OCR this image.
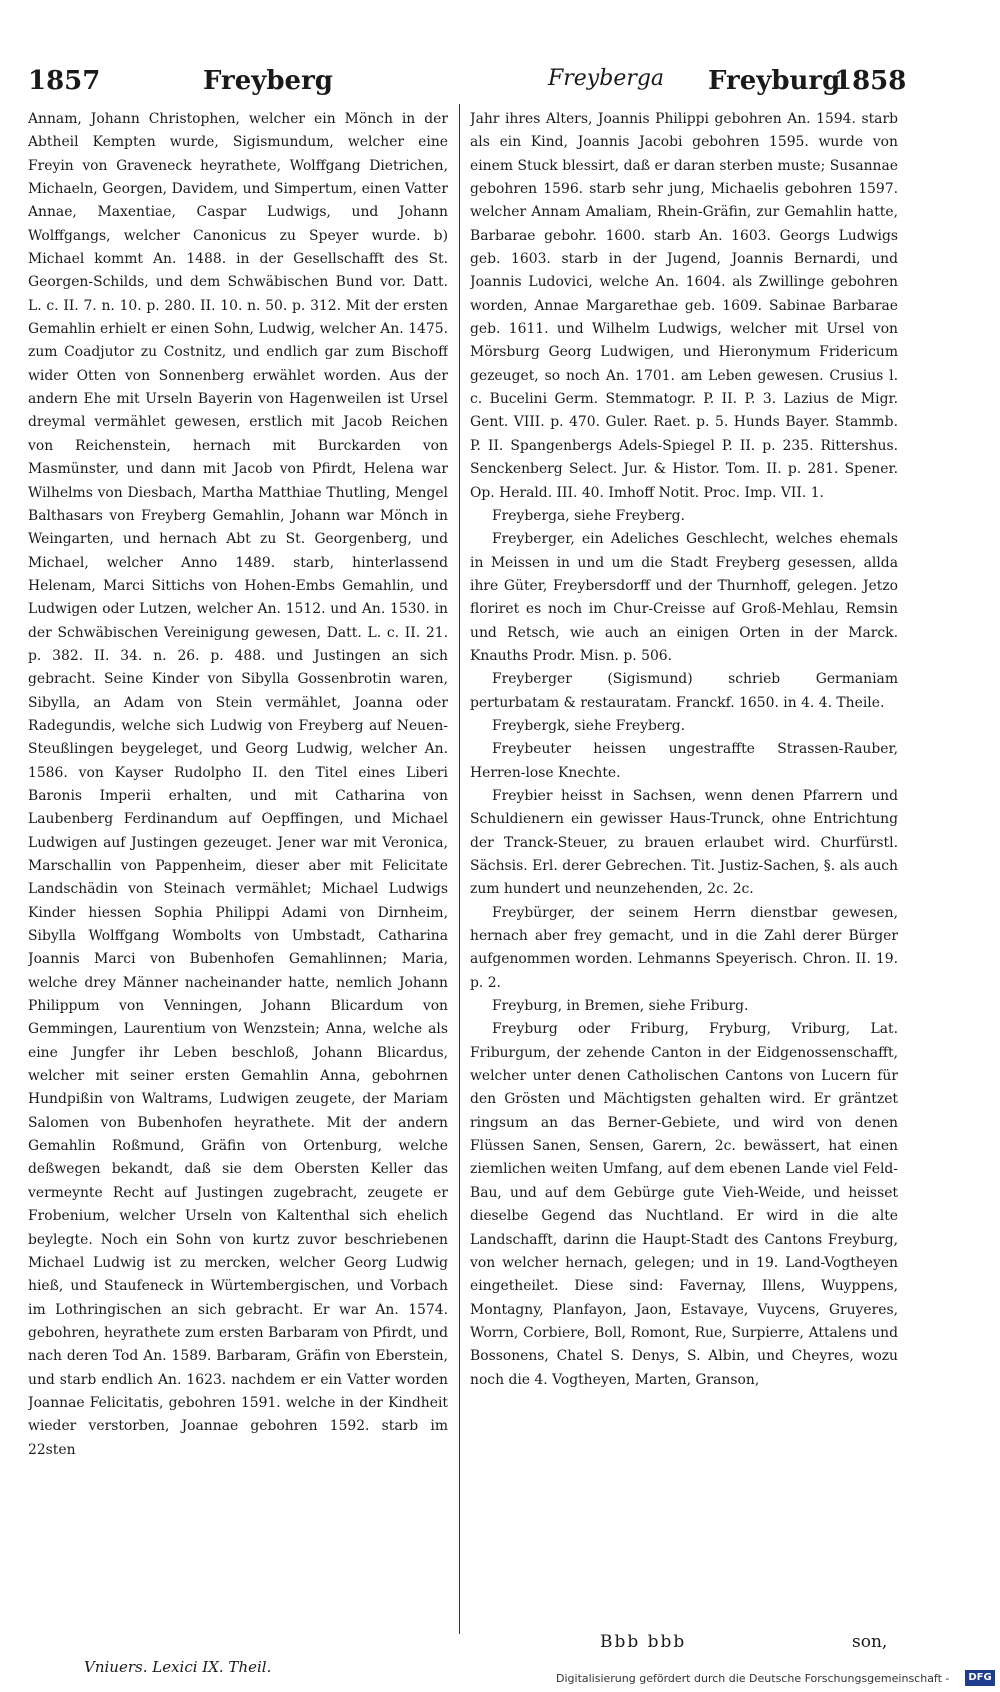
1857	Freyberg	Freyberga Freyburg
1858

Annam, Johann Christophen, welcher ein Mönch in der Abtheil Kempten wurde, Sigismundum, welcher eine Freyin von Graveneck heyrathete, Wolffgang Dietrichen, Michaeln, Georgen, Davidem, und Simpertum, einen Vatter Annae, Maxentiae, Caspar Ludwigs, und Johann Wolffgangs, welcher Canonicus zu Speyer wurde. b) Michael kommt An. 1488. in der Gesellschafft des St. Georgen-Schilds, und dem Schwäbischen Bund vor. Datt. L. c. II. 7. n. 10. p. 280. II. 10. n. 50. p. 312. Mit der ersten Gemahlin erhielt er einen Sohn, Ludwig, welcher An. 1475. zum Coadjutor zu Costnitz, und endlich gar zum Bischoff wider Otten von Sonnenberg erwählet worden. Aus der andern Ehe mit Urseln Bayerin von Hagenweilen ist Ursel dreymal vermählet gewesen, erstlich mit Jacob Reichen von Reichenstein, hernach mit Burckarden von Masmünster, und dann mit Jacob von Pfirdt, Helena war Wilhelms von Diesbach, Martha Matthiae Thutling, Mengel Balthasars von Freyberg Gemahlin, Johann war Mönch in Weingarten, und hernach Abt zu St. Georgenberg, und Michael, welcher Anno 1489. starb, hinterlassend Helenam, Marci Sittichs von Hohen-Embs Gemahlin, und Ludwigen oder Lutzen, welcher An. 1512. und An. 1530. in der Schwäbischen Vereinigung gewesen, Datt. L. c. II. 21. p. 382. II. 34. n. 26. p. 488. und Justingen an sich gebracht. Seine Kinder von Sibylla Gossenbrotin waren, Sibylla, an Adam von Stein vermählet, Joanna oder Radegundis, welche sich Ludwig von Freyberg auf Neuen-Steußlingen beygeleget, und Georg Ludwig, welcher An. 1586. von Kayser Rudolpho II. den Titel eines Liberi Baronis Imperii erhalten, und mit Catharina von Laubenberg Ferdinandum auf Oepffingen, und Michael Ludwigen auf Justingen gezeuget. Jener war mit Veronica, Marschallin von Pappenheim, dieser aber mit Felicitate Landschädin von Steinach vermählet; Michael Ludwigs Kinder hiessen Sophia Philippi Adami von Dirnheim, Sibylla Wolffgang Wombolts von Umbstadt, Catharina Joannis Marci von Bubenhofen Gemahlinnen; Maria, welche drey Männer nacheinander hatte, nemlich Johann Philippum von Venningen, Johann Blicardum von Gemmingen, Laurentium von Wenzstein; Anna, welche als eine Jungfer ihr Leben beschloß, Johann Blicardus, welcher mit seiner ersten Gemahlin Anna, gebohrnen Hundpißin von Waltrams, Ludwigen zeugete, der Mariam Salomen von Bubenhofen heyrathete. Mit der andern Gemahlin Roßmund, Gräfin von Ortenburg, welche deßwegen bekandt, daß sie dem Obersten Keller das vermeynte Recht auf Justingen zugebracht, zeugete er Frobenium, welcher Urseln von Kaltenthal sich ehelich beylegte. Noch ein Sohn von kurtz zuvor beschriebenen Michael Ludwig ist zu mercken, welcher Georg Ludwig hieß, und Staufeneck in Würtembergischen, und Vorbach im Lothringischen an sich gebracht. Er war An. 1574. gebohren, heyrathete zum ersten Barbaram von Pfirdt, und nach deren Tod An. 1589. Barbaram, Gräfin von Eberstein, und starb endlich An. 1623. nachdem er ein Vatter worden Joannae Felicitatis, gebohren 1591. welche in der Kindheit wieder verstorben, Joannae gebohren 1592. starb im 22sten

Jahr ihres Alters, Joannis Philippi gebohren An. 1594. starb als ein Kind, Joannis Jacobi gebohren 1595. wurde von einem Stuck blessirt, daß er daran sterben muste; Susannae gebohren 1596. starb sehr jung, Michaelis gebohren 1597. welcher Annam Amaliam, Rhein-Gräfin, zur Gemahlin hatte, Barbarae gebohr. 1600. starb An. 1603. Georgs Ludwigs geb. 1603. starb in der Jugend, Joannis Bernardi, und Joannis Ludovici, welche An. 1604. als Zwillinge gebohren worden, Annae Margarethae geb. 1609. Sabinae Barbarae geb. 1611. und Wilhelm Ludwigs, welcher mit Ursel von Mörsburg Georg Ludwigen, und Hieronymum Fridericum gezeuget, so noch An. 1701. am Leben gewesen. Crusius l. c. Bucelini Germ. Stemmatogr. P. II. P. 3. Lazius de Migr. Gent. VIII. p. 470. Guler. Raet. p. 5. Hunds Bayer. Stammb. P. II. Spangenbergs Adels-Spiegel P. II. p. 235. Rittershus. Senckenberg Select. Jur. & Histor. Tom. II. p. 281. Spener. Op. Herald. III. 40. Imhoff Notit. Proc. Imp. VII. 1.

Freyberga, siehe Freyberg.

Freyberger, ein Adeliches Geschlecht, welches ehemals in Meissen in und um die Stadt Freyberg gesessen, allda ihre Güter, Freybersdorff und der Thurnhoff, gelegen. Jetzo floriret es noch im Chur-Creisse auf Groß-Mehlau, Remsin und Retsch, wie auch an einigen Orten in der Marck. Knauths Prodr. Misn. p. 506.

Freyberger (Sigismund) schrieb Germaniam perturbatam & restauratam. Franckf. 1650. in 4. 4. Theile.

Freybergk, siehe Freyberg.

Freybeuter heissen ungestraffte Strassen-Rauber, Herren-lose Knechte.

Freybier heisst in Sachsen, wenn denen Pfarrern und Schuldienern ein gewisser Haus-Trunck, ohne Entrichtung der Tranck-Steuer, zu brauen erlaubet wird. Churfürstl. Sächsis. Erl. derer Gebrechen. Tit. Justiz-Sachen, §. als auch zum hundert und neunzehenden, 2c. 2c.

Freybürger, der seinem Herrn dienstbar gewesen, hernach aber frey gemacht, und in die Zahl derer Bürger aufgenommen worden. Lehmanns Speyerisch. Chron. II. 19. p. 2.

Freyburg, in Bremen, siehe Friburg.

Freyburg oder Friburg, Fryburg, Vriburg, Lat. Friburgum, der zehende Canton in der Eidgenossenschafft, welcher unter denen Catholischen Cantons von Lucern für den Grösten und Mächtigsten gehalten wird. Er gräntzet ringsum an das Berner-Gebiete, und wird von denen Flüssen Sanen, Sensen, Garern, 2c. bewässert, hat einen ziemlichen weiten Umfang, auf dem ebenen Lande viel Feld-Bau, und auf dem Gebürge gute Vieh-Weide, und heisset dieselbe Gegend das Nuchtland. Er wird in die alte Landschafft, darinn die Haupt-Stadt des Cantons Freyburg, von welcher hernach, gelegen; und in 19. Land-Vogtheyen eingetheilet. Diese sind: Favernay, Illens, Wuyppens, Montagny, Planfayon, Jaon, Estavaye, Vuycens, Gruyeres, Worrn, Corbiere, Boll, Romont, Rue, Surpierre, Attalens und Bossonens, Chatel S. Denys, S. Albin, und Cheyres, wozu noch die 4. Vogtheyen, Marten, Granson,

Bbb bbb	son,
Vniuers. Lexici IX. Theil.
Digitalisierung gefördert durch die Deutsche Forschungsgemeinschaft -	DFG
